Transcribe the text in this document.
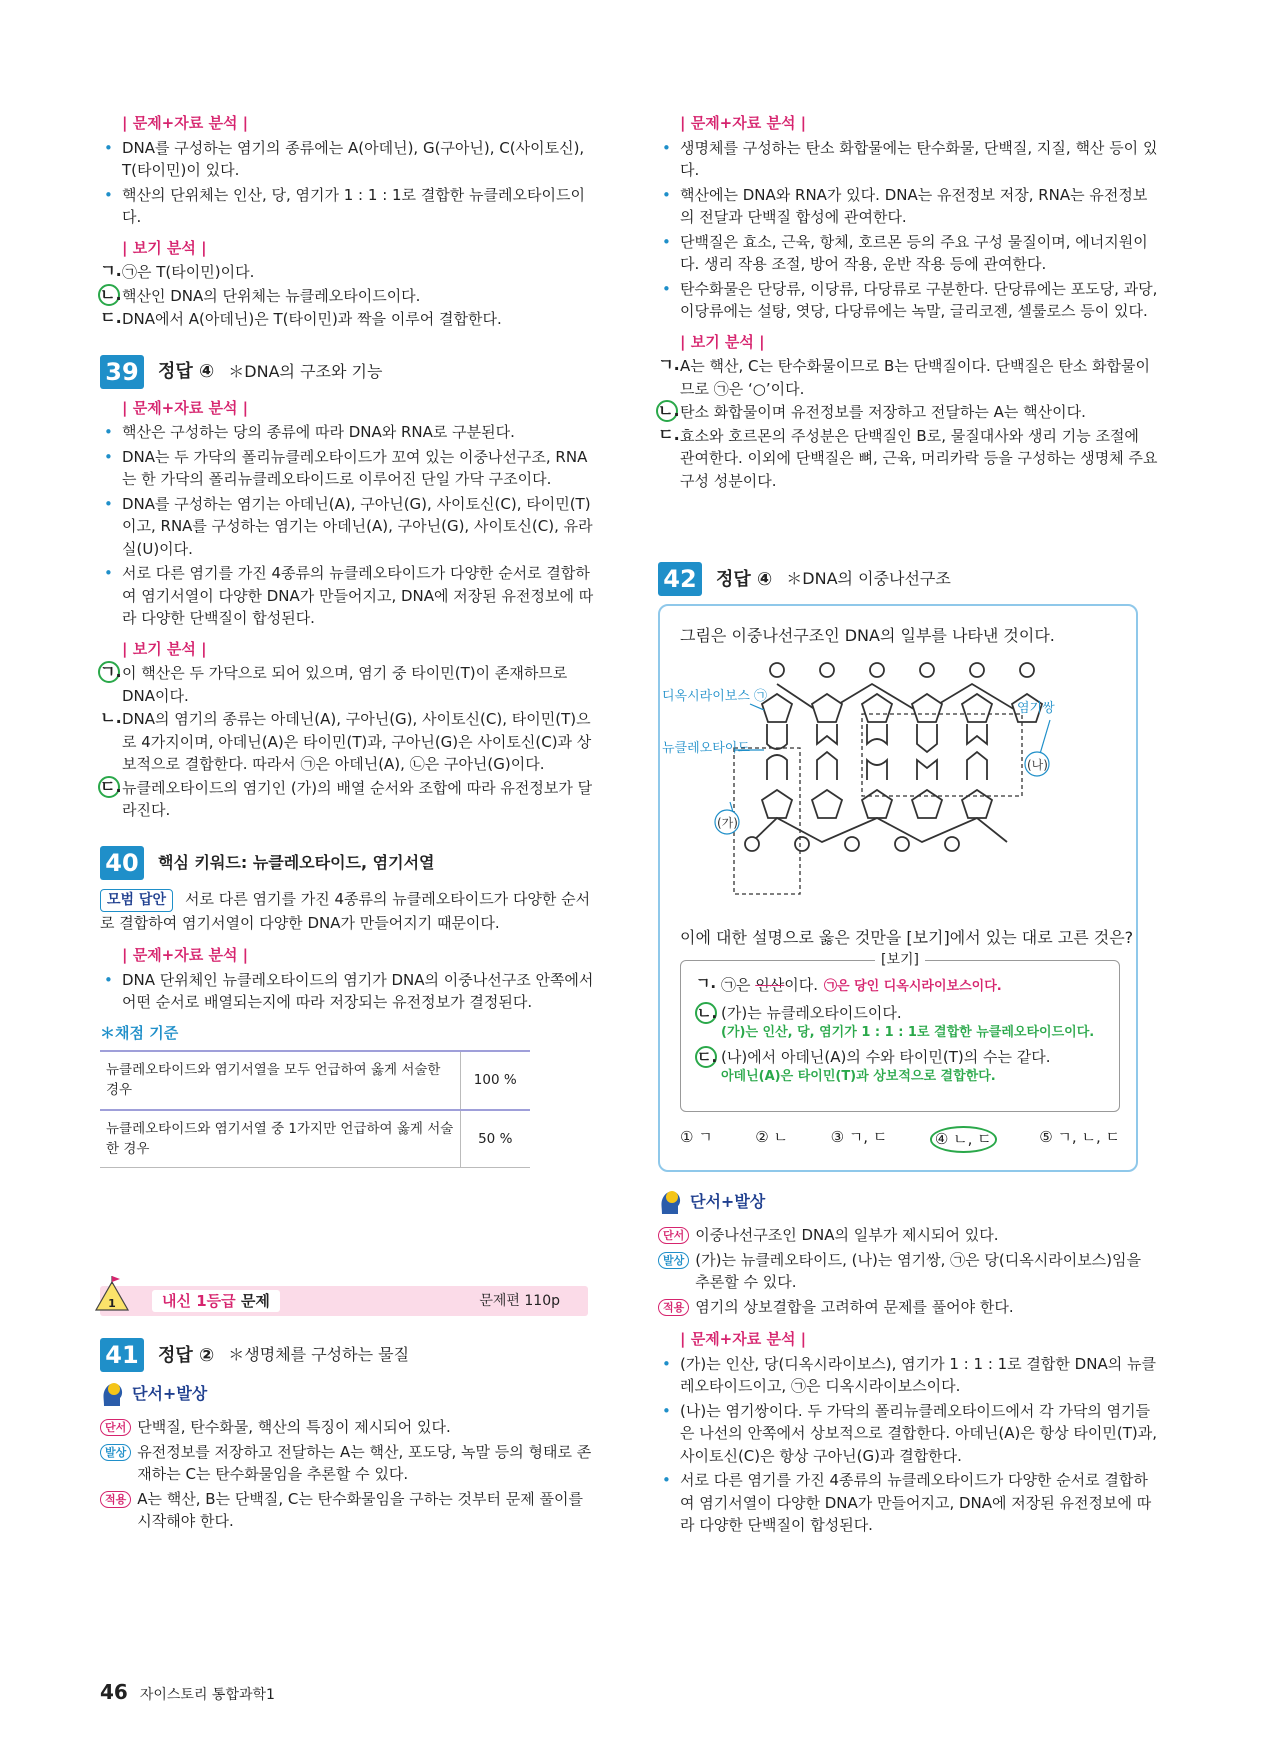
| 문제+자료 분석 |
• DNA를 구성하는 염기의 종류에는 A(아데닌), G(구아닌), C(사이토신), T(타이민)이 있다.
• 핵산의 단위체는 인산, 당, 염기가 1 : 1 : 1로 결합한 뉴클레오타이드이다.
| 보기 분석 |
ㄱ. ㉠은 T(타이민)이다.
ㄴ. 핵산인 DNA의 단위체는 뉴클레오타이드이다.
ㄷ. DNA에서 A(아데닌)은 T(타이민)과 짝을 이루어 결합한다.
39 정답 ④ ＊DNA의 구조와 기능
| 문제+자료 분석 |
• 핵산은 구성하는 당의 종류에 따라 DNA와 RNA로 구분된다.
• DNA는 두 가닥의 폴리뉴클레오타이드가 꼬여 있는 이중나선구조, RNA는 한 가닥의 폴리뉴클레오타이드로 이루어진 단일 가닥 구조이다.
• DNA를 구성하는 염기는 아데닌(A), 구아닌(G), 사이토신(C), 타이민(T)이고, RNA를 구성하는 염기는 아데닌(A), 구아닌(G), 사이토신(C), 유라실(U)이다.
• 서로 다른 염기를 가진 4종류의 뉴클레오타이드가 다양한 순서로 결합하여 염기서열이 다양한 DNA가 만들어지고, DNA에 저장된 유전정보에 따라 다양한 단백질이 합성된다.
| 보기 분석 |
ㄱ. 이 핵산은 두 가닥으로 되어 있으며, 염기 중 타이민(T)이 존재하므로 DNA이다.
ㄴ. DNA의 염기의 종류는 아데닌(A), 구아닌(G), 사이토신(C), 타이민(T)으로 4가지이며, 아데닌(A)은 타이민(T)과, 구아닌(G)은 사이토신(C)과 상보적으로 결합한다. 따라서 ㉠은 아데닌(A), ㉡은 구아닌(G)이다.
ㄷ. 뉴클레오타이드의 염기인 (가)의 배열 순서와 조합에 따라 유전정보가 달라진다.
40	핵심 키워드: 뉴클레오타이드, 염기서열
모범 답안 서로 다른 염기를 가진 4종류의 뉴클레오타이드가 다양한 순서로 결합하여 염기서열이 다양한 DNA가 만들어지기 때문이다.
| 문제+자료 분석 |
• DNA 단위체인 뉴클레오타이드의 염기가 DNA의 이중나선구조 안쪽에서 어떤 순서로 배열되는지에 따라 저장되는 유전정보가 결정된다.
＊채점 기준
뉴클레오타이드와 염기서열을 모두 언급하여 옳게 서술한 경우	100 %
뉴클레오타이드와 염기서열 중 1가지만 언급하여 옳게 서술한 경우	50 %
1	내신 1등급 문제	문제편 110p
41 정답 ② ＊생명체를 구성하는 물질
단서+발상
단서 단백질, 탄수화물, 핵산의 특징이 제시되어 있다.
발상 유전정보를 저장하고 전달하는 A는 핵산, 포도당, 녹말 등의 형태로 존재하는 C는 탄수화물임을 추론할 수 있다.
적용 A는 핵산, B는 단백질, C는 탄수화물임을 구하는 것부터 문제 풀이를 시작해야 한다.
| 문제+자료 분석 |
• 생명체를 구성하는 탄소 화합물에는 탄수화물, 단백질, 지질, 핵산 등이 있다.
• 핵산에는 DNA와 RNA가 있다. DNA는 유전정보 저장, RNA는 유전정보의 전달과 단백질 합성에 관여한다.
• 단백질은 효소, 근육, 항체, 호르몬 등의 주요 구성 물질이며, 에너지원이다. 생리 작용 조절, 방어 작용, 운반 작용 등에 관여한다.
• 탄수화물은 단당류, 이당류, 다당류로 구분한다. 단당류에는 포도당, 과당, 이당류에는 설탕, 엿당, 다당류에는 녹말, 글리코젠, 셀룰로스 등이 있다.
| 보기 분석 |
ㄱ. A는 핵산, C는 탄수화물이므로 B는 단백질이다. 단백질은 탄소 화합물이므로 ㉠은 ‘○’이다.
ㄴ. 탄소 화합물이며 유전정보를 저장하고 전달하는 A는 핵산이다.
ㄷ. 효소와 호르몬의 주성분은 단백질인 B로, 물질대사와 생리 기능 조절에 관여한다. 이외에 단백질은 뼈, 근육, 머리카락 등을 구성하는 생명체 주요 구성 성분이다.
42 정답 ④ ＊DNA의 이중나선구조
그림은 이중나선구조인 DNA의 일부를 나타낸 것이다.
디옥시라이보스 ㉠
뉴클레오타이드
염기쌍
(나)
(가)
이에 대한 설명으로 옳은 것만을 [보기]에서 있는 대로 고른 것은?
[보기]
ㄱ. ㉠은 인산이다. ㉠은 당인 디옥시라이보스이다.
ㄴ. (가)는 뉴클레오타이드이다.
(가)는 인산, 당, 염기가 1 : 1 : 1로 결합한 뉴클레오타이드이다.
ㄷ. (나)에서 아데닌(A)의 수와 타이민(T)의 수는 같다.
아데닌(A)은 타이민(T)과 상보적으로 결합한다.
① ㄱ	② ㄴ	③ ㄱ, ㄷ	④ ㄴ, ㄷ	⑤ ㄱ, ㄴ, ㄷ
단서+발상
단서 이중나선구조인 DNA의 일부가 제시되어 있다.
발상 (가)는 뉴클레오타이드, (나)는 염기쌍, ㉠은 당(디옥시라이보스)임을 추론할 수 있다.
적용 염기의 상보결합을 고려하여 문제를 풀어야 한다.
| 문제+자료 분석 |
• (가)는 인산, 당(디옥시라이보스), 염기가 1 : 1 : 1로 결합한 DNA의 뉴클레오타이드이고, ㉠은 디옥시라이보스이다.
• (나)는 염기쌍이다. 두 가닥의 폴리뉴클레오타이드에서 각 가닥의 염기들은 나선의 안쪽에서 상보적으로 결합한다. 아데닌(A)은 항상 타이민(T)과, 사이토신(C)은 항상 구아닌(G)과 결합한다.
• 서로 다른 염기를 가진 4종류의 뉴클레오타이드가 다양한 순서로 결합하여 염기서열이 다양한 DNA가 만들어지고, DNA에 저장된 유전정보에 따라 다양한 단백질이 합성된다.
46 자이스토리 통합과학1
